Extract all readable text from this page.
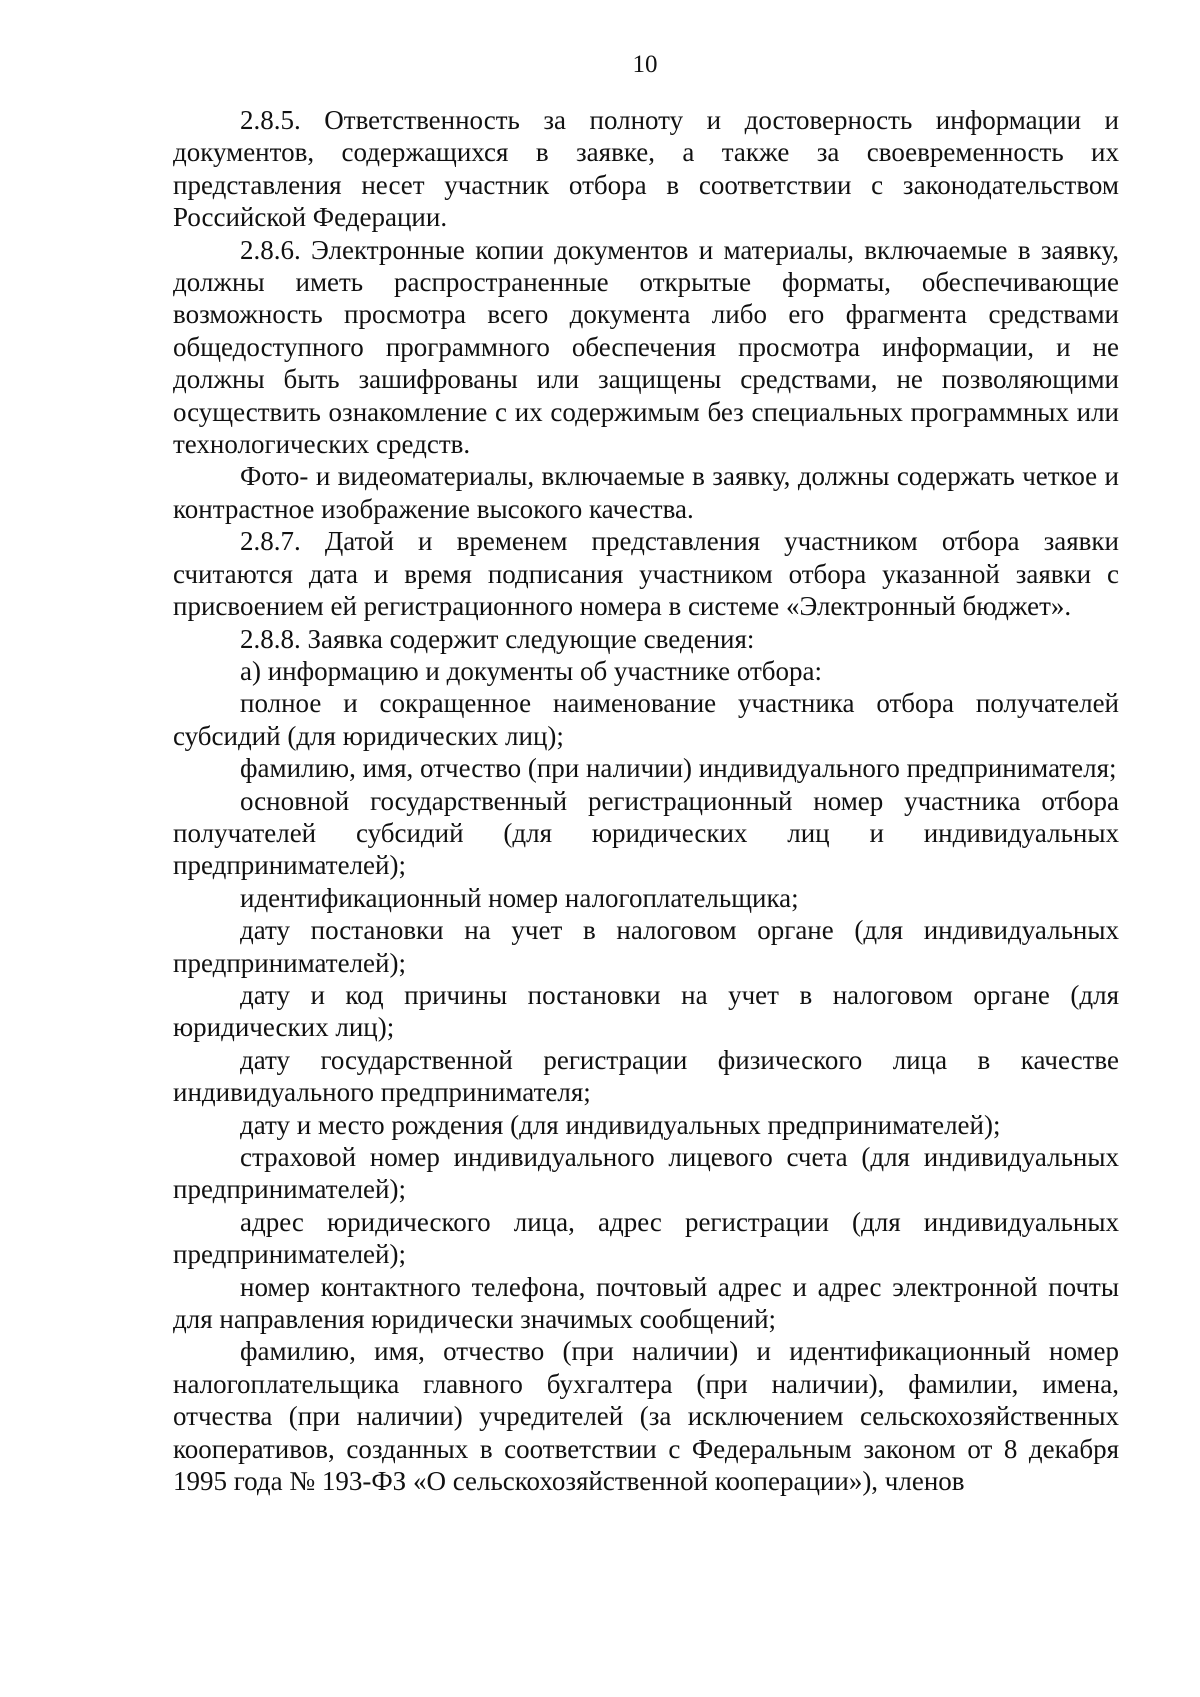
10

2.8.5. Ответственность за полноту и достоверность информации и документов, содержащихся в заявке, а также за своевременность их представления несет участник отбора в соответствии с законодательством Российской Федерации.

2.8.6. Электронные копии документов и материалы, включаемые в заявку, должны иметь распространенные открытые форматы, обеспечивающие возможность просмотра всего документа либо его фрагмента средствами общедоступного программного обеспечения просмотра информации, и не должны быть зашифрованы или защищены средствами, не позволяющими осуществить ознакомление с их содержимым без специальных программных или технологических средств.

Фото- и видеоматериалы, включаемые в заявку, должны содержать четкое и контрастное изображение высокого качества.

2.8.7. Датой и временем представления участником отбора заявки считаются дата и время подписания участником отбора указанной заявки с присвоением ей регистрационного номера в системе «Электронный бюджет».

2.8.8. Заявка содержит следующие сведения:

а) информацию и документы об участнике отбора:

полное и сокращенное наименование участника отбора получателей субсидий (для юридических лиц);

фамилию, имя, отчество (при наличии) индивидуального предпринимателя;

основной государственный регистрационный номер участника отбора получателей субсидий (для юридических лиц и индивидуальных предпринимателей);

идентификационный номер налогоплательщика;

дату постановки на учет в налоговом органе (для индивидуальных предпринимателей);

дату и код причины постановки на учет в налоговом органе (для юридических лиц);

дату государственной регистрации физического лица в качестве индивидуального предпринимателя;

дату и место рождения (для индивидуальных предпринимателей);

страховой номер индивидуального лицевого счета (для индивидуальных предпринимателей);

адрес юридического лица, адрес регистрации (для индивидуальных предпринимателей);

номер контактного телефона, почтовый адрес и адрес электронной почты для направления юридически значимых сообщений;

фамилию, имя, отчество (при наличии) и идентификационный номер налогоплательщика главного бухгалтера (при наличии), фамилии, имена, отчества (при наличии) учредителей (за исключением сельскохозяйственных кооперативов, созданных в соответствии с Федеральным законом от 8 декабря 1995 года № 193-ФЗ «О сельскохозяйственной кооперации»), членов
